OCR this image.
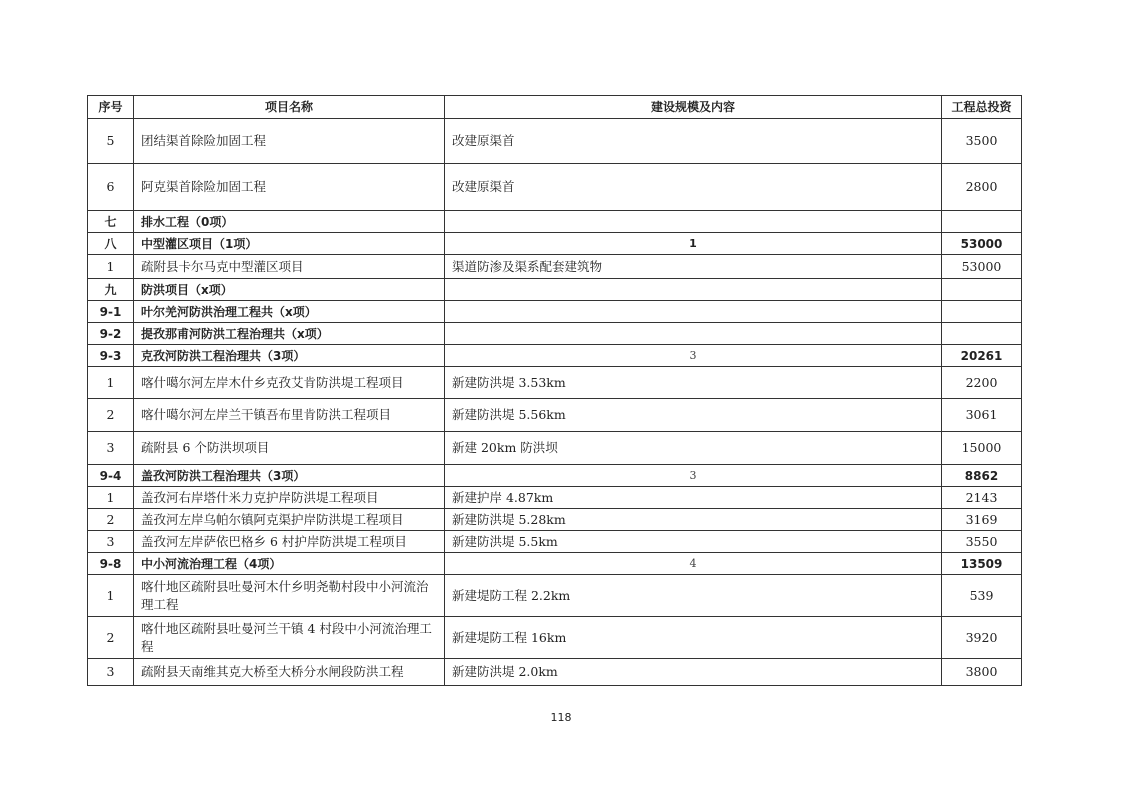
序号	项目名称	建设规模及内容	工程总投资
5	团结渠首除险加固工程	改建原渠首	3500
6	阿克渠首除险加固工程	改建原渠首	2800
七	排水工程（0项）		
八	中型灌区项目（1项）	1	53000
1	疏附县卡尔马克中型灌区项目	渠道防渗及渠系配套建筑物	53000
九	防洪项目（x项）		
9-1	叶尔羌河防洪治理工程共（x项）		
9-2	提孜那甫河防洪工程治理共（x项）		
9-3	克孜河防洪工程治理共（3项）	3	20261
1	喀什噶尔河左岸木什乡克孜艾肯防洪堤工程项目	新建防洪堤 3.53km	2200
2	喀什噶尔河左岸兰干镇吾布里肯防洪工程项目	新建防洪堤 5.56km	3061
3	疏附县 6 个防洪坝项目	新建 20km 防洪坝	15000
9-4	盖孜河防洪工程治理共（3项）	3	8862
1	盖孜河右岸塔什米力克护岸防洪堤工程项目	新建护岸 4.87km	2143
2	盖孜河左岸乌帕尔镇阿克渠护岸防洪堤工程项目	新建防洪堤 5.28km	3169
3	盖孜河左岸萨依巴格乡 6 村护岸防洪堤工程项目	新建防洪堤 5.5km	3550
9-8	中小河流治理工程（4项）	4	13509
1	喀什地区疏附县吐曼河木什乡明尧勒村段中小河流治理工程	新建堤防工程 2.2km	539
2	喀什地区疏附县吐曼河兰干镇 4 村段中小河流治理工程	新建堤防工程 16km	3920
3	疏附县天南维其克大桥至大桥分水闸段防洪工程	新建防洪堤 2.0km	3800
118
